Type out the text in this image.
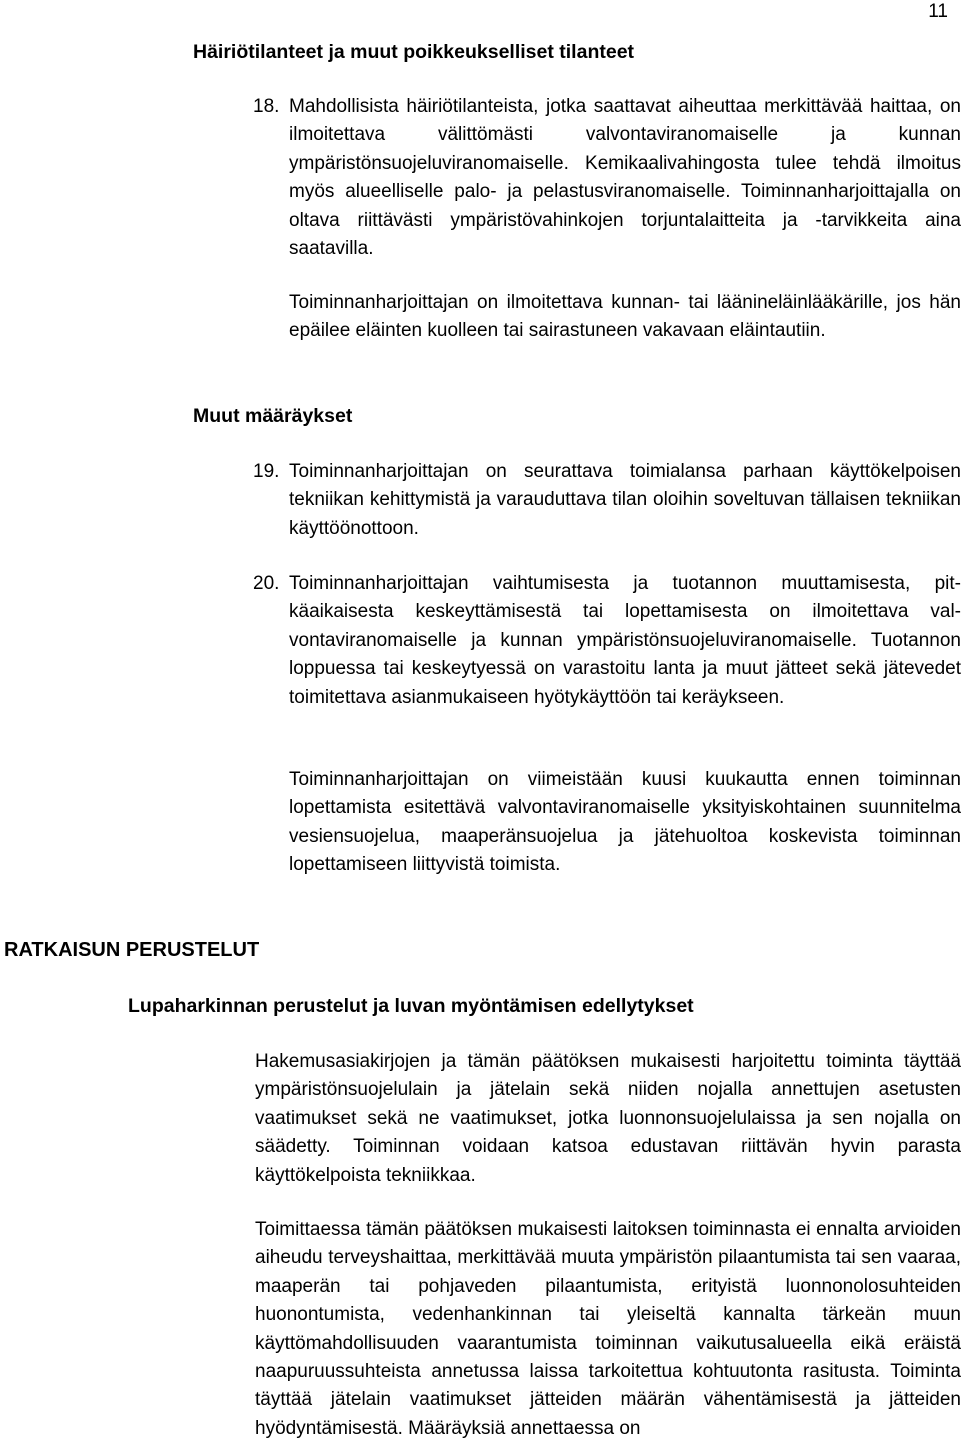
11
Häiriötilanteet ja muut poikkeukselliset tilanteet
18. Mahdollisista häiriötilanteista, jotka saattavat aiheuttaa merkittävää haittaa, on ilmoitettava välittömästi valvontaviranomaiselle ja kunnan ympäristönsuojeluviranomaiselle. Kemikaalivahingosta tulee tehdä ilmoitus myös alueelliselle palo- ja pelastusviranomaiselle. Toiminnanharjoittajalla on oltava riittävästi ympäristövahinkojen torjuntalaitteita ja -tarvikkeita aina saatavilla.
Toiminnanharjoittajan on ilmoitettava kunnan- tai läänineläinlääkärille, jos hän epäilee eläinten kuolleen tai sairastuneen vakavaan eläintautiin.
Muut määräykset
19. Toiminnanharjoittajan on seurattava toimialansa parhaan käyttökelpoisen tekniikan kehittymistä ja varauduttava tilan oloihin soveltuvan tällaisen tekniikan käyttöönottoon.
20. Toiminnanharjoittajan vaihtumisesta ja tuotannon muuttamisesta, pitkäaikaisesta keskeyttämisestä tai lopettamisesta on ilmoitettava valvontaviranomaiselle ja kunnan ympäristönsuojeluviranomaiselle. Tuotannon loppuessa tai keskeytyessä on varastoitu lanta ja muut jätteet sekä jätevedet toimitettava asianmukaiseen hyötykäyttöön tai keräykseen.
Toiminnanharjoittajan on viimeistään kuusi kuukautta ennen toiminnan lopettamista esitettävä valvontaviranomaiselle yksityiskohtainen suunnitelma vesiensuojelua, maaperänsuojelua ja jätehuoltoa koskevista toiminnan lopettamiseen liittyvistä toimista.
RATKAISUN PERUSTELUT
Lupaharkinnan perustelut ja luvan myöntämisen edellytykset
Hakemusasiakirjojen ja tämän päätöksen mukaisesti harjoitettu toiminta täyttää ympäristönsuojelulain ja jätelain sekä niiden nojalla annettujen asetusten vaatimukset sekä ne vaatimukset, jotka luonnonsuojelulaissa ja sen nojalla on säädetty. Toiminnan voidaan katsoa edustavan riittävän hyvin parasta käyttökelpoista tekniikkaa.
Toimittaessa tämän päätöksen mukaisesti laitoksen toiminnasta ei ennalta arvioiden aiheudu terveyshaittaa, merkittävää muuta ympäristön pilaantumista tai sen vaaraa, maaperän tai pohjaveden pilaantumista, erityistä luonnonolosuhteiden huonontumista, vedenhankinnan tai yleiseltä kannalta tärkeän muun käyttömahdollisuuden vaarantumista toiminnan vaikutusalueella eikä eräistä naapuruussuhteista annetussa laissa tarkoitettua kohtuutonta rasitusta. Toiminta täyttää jätelain vaatimukset jätteiden määrän vähentämisestä ja jätteiden hyödyntämisestä. Määräyksiä annettaessa on
